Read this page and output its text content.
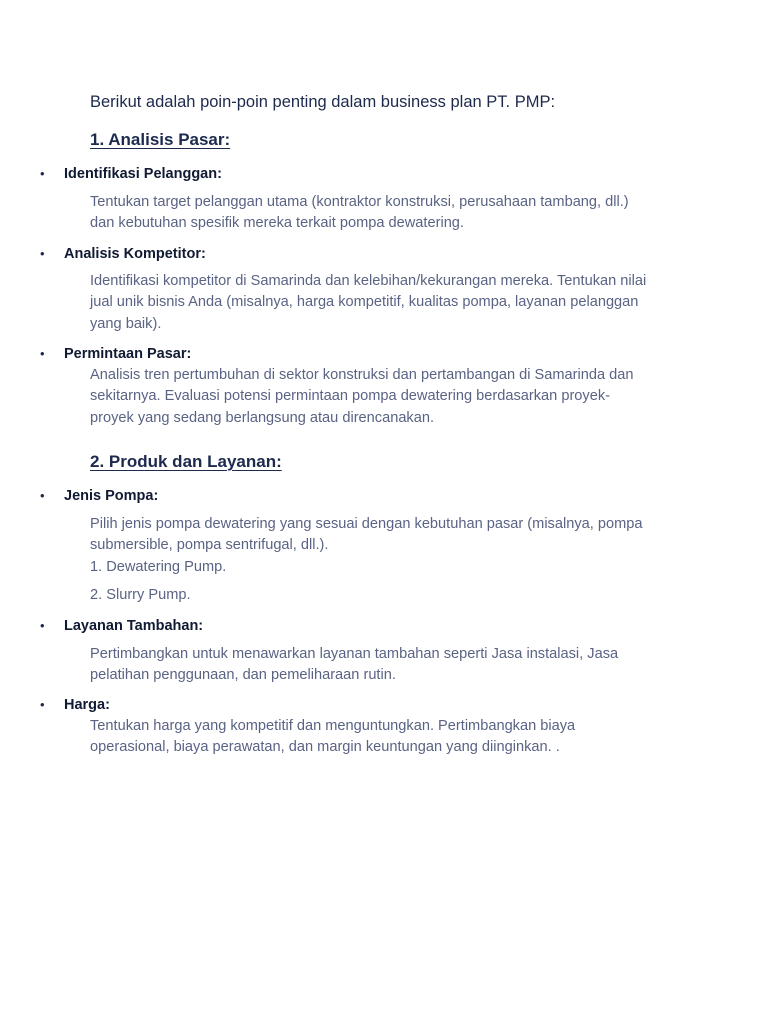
Berikut adalah poin-poin penting dalam business plan PT. PMP:
1. Analisis Pasar:
• Identifikasi Pelanggan:
Tentukan target pelanggan utama (kontraktor konstruksi, perusahaan tambang, dll.)
dan kebutuhan spesifik mereka terkait pompa dewatering.
• Analisis Kompetitor:
Identifikasi kompetitor di Samarinda dan kelebihan/kekurangan mereka. Tentukan nilai
jual unik bisnis Anda (misalnya, harga kompetitif, kualitas pompa, layanan pelanggan
yang baik).
• Permintaan Pasar:
Analisis tren pertumbuhan di sektor konstruksi dan pertambangan di Samarinda dan
sekitarnya. Evaluasi potensi permintaan pompa dewatering berdasarkan proyek-
proyek yang sedang berlangsung atau direncanakan.
2. Produk dan Layanan:
• Jenis Pompa:
Pilih jenis pompa dewatering yang sesuai dengan kebutuhan pasar (misalnya, pompa
submersible, pompa sentrifugal, dll.).
1. Dewatering Pump.
2. Slurry Pump.
• Layanan Tambahan:
Pertimbangkan untuk menawarkan layanan tambahan seperti Jasa instalasi, Jasa
pelatihan penggunaan, dan pemeliharaan rutin.
• Harga:
Tentukan harga yang kompetitif dan menguntungkan. Pertimbangkan biaya
operasional, biaya perawatan, dan margin keuntungan yang diinginkan. .
